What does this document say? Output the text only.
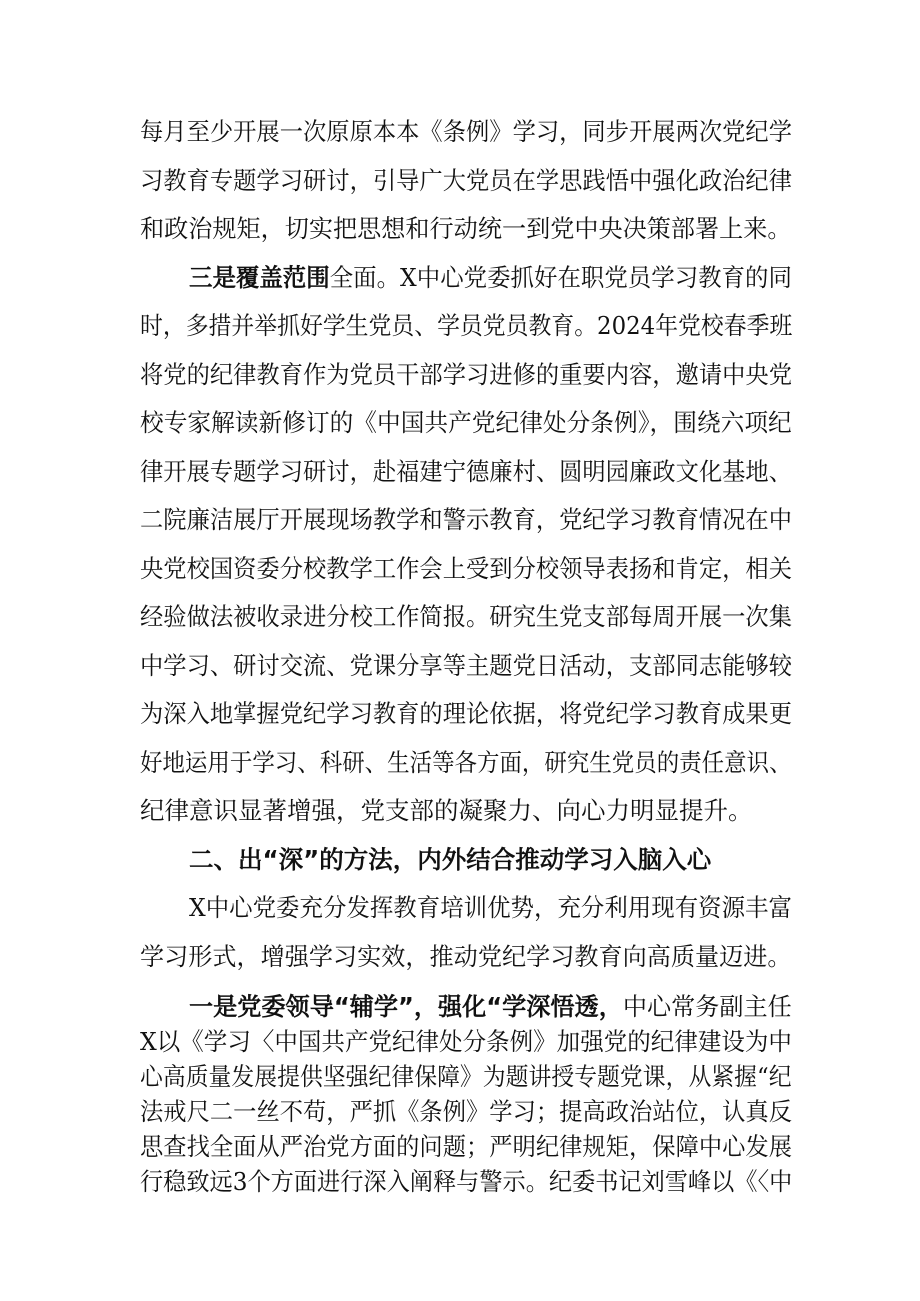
每月至少开展一次原原本本《条例》学习，同步开展两次党纪学

习教育专题学习研讨，引导广大党员在学思践悟中强化政治纪律

和政治规矩，切实把思想和行动统一到党中央决策部署上来。

三是覆盖范围全面。X中心党委抓好在职党员学习教育的同

时，多措并举抓好学生党员、学员党员教育。2024年党校春季班

将党的纪律教育作为党员干部学习进修的重要内容，邀请中央党

校专家解读新修订的《中国共产党纪律处分条例》，围绕六项纪

律开展专题学习研讨，赴福建宁德廉村、圆明园廉政文化基地、

二院廉洁展厅开展现场教学和警示教育，党纪学习教育情况在中

央党校国资委分校教学工作会上受到分校领导表扬和肯定，相关

经验做法被收录进分校工作简报。研究生党支部每周开展一次集

中学习、研讨交流、党课分享等主题党日活动，支部同志能够较

为深入地掌握党纪学习教育的理论依据，将党纪学习教育成果更

好地运用于学习、科研、生活等各方面，研究生党员的责任意识、

纪律意识显著增强，党支部的凝聚力、向心力明显提升。

二、出“深”的方法，内外结合推动学习入脑入心

X中心党委充分发挥教育培训优势，充分利用现有资源丰富

学习形式，增强学习实效，推动党纪学习教育向高质量迈进。

一是党委领导“辅学”，强化“学深悟透，中心常务副主任

X以《学习〈中国共产党纪律处分条例》加强党的纪律建设为中

心高质量发展提供坚强纪律保障》为题讲授专题党课，从紧握“纪

法戒尺二一丝不苟，严抓《条例》学习；提高政治站位，认真反

思查找全面从严治党方面的问题；严明纪律规矩，保障中心发展

行稳致远3个方面进行深入阐释与警示。纪委书记刘雪峰以《〈中
